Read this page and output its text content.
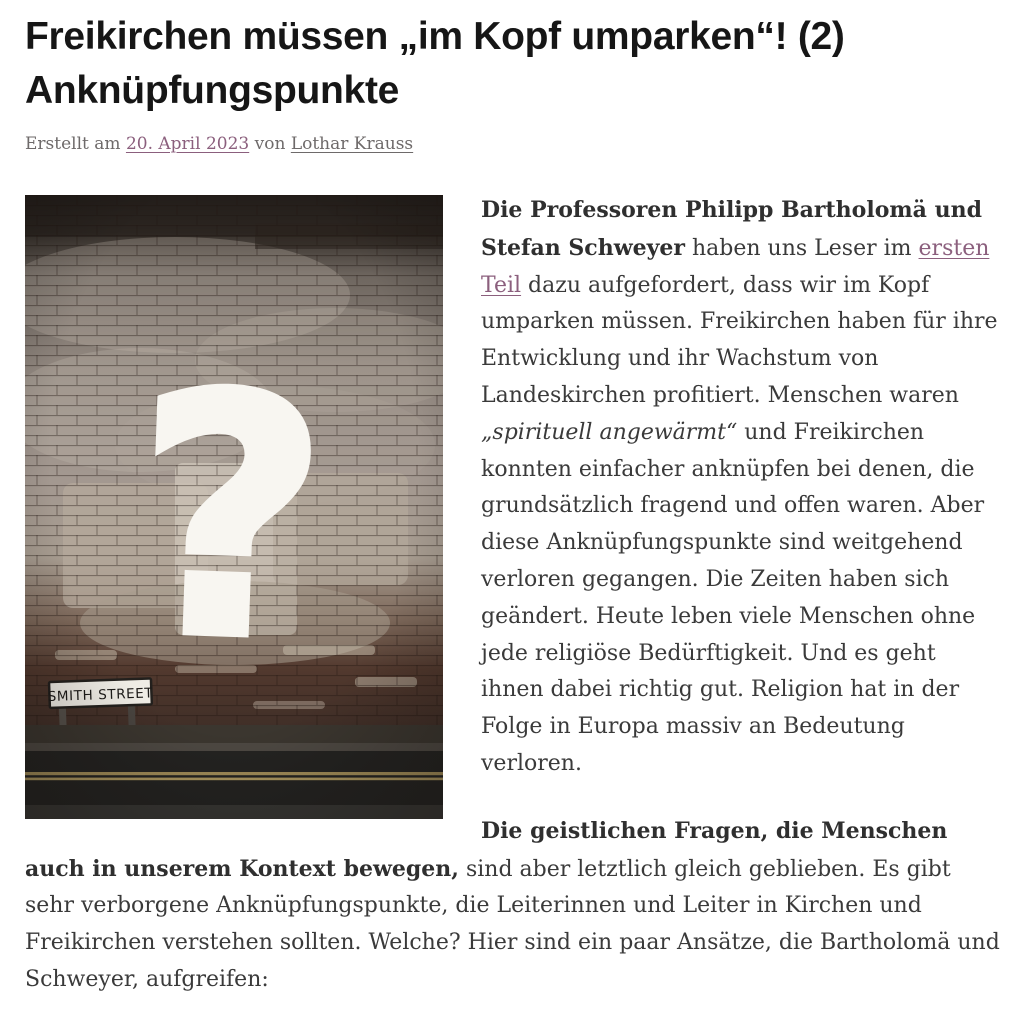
Freikirchen müssen „im Kopf umparken“! (2) Anknüpfungspunkte

Erstellt am 20. April 2023 von Lothar Krauss

Die Professoren Philipp Bartholomä und Stefan Schweyer haben uns Leser im ersten Teil dazu aufgefordert, dass wir im Kopf umparken müssen. Freikirchen haben für ihre Entwicklung und ihr Wachstum von Landeskirchen profitiert. Menschen waren „spirituell angewärmt“ und Freikirchen konnten einfacher anknüpfen bei denen, die grundsätzlich fragend und offen waren. Aber diese Anknüpfungspunkte sind weitgehend verloren gegangen. Die Zeiten haben sich geändert. Heute leben viele Menschen ohne jede religiöse Bedürftigkeit. Und es geht ihnen dabei richtig gut. Religion hat in der Folge in Europa massiv an Bedeutung verloren.

Die geistlichen Fragen, die Menschen auch in unserem Kontext bewegen, sind aber letztlich gleich geblieben. Es gibt sehr verborgene Anknüpfungspunkte, die Leiterinnen und Leiter in Kirchen und Freikirchen verstehen sollten. Welche? Hier sind ein paar Ansätze, die Bartholomä und Schweyer, aufgreifen:
